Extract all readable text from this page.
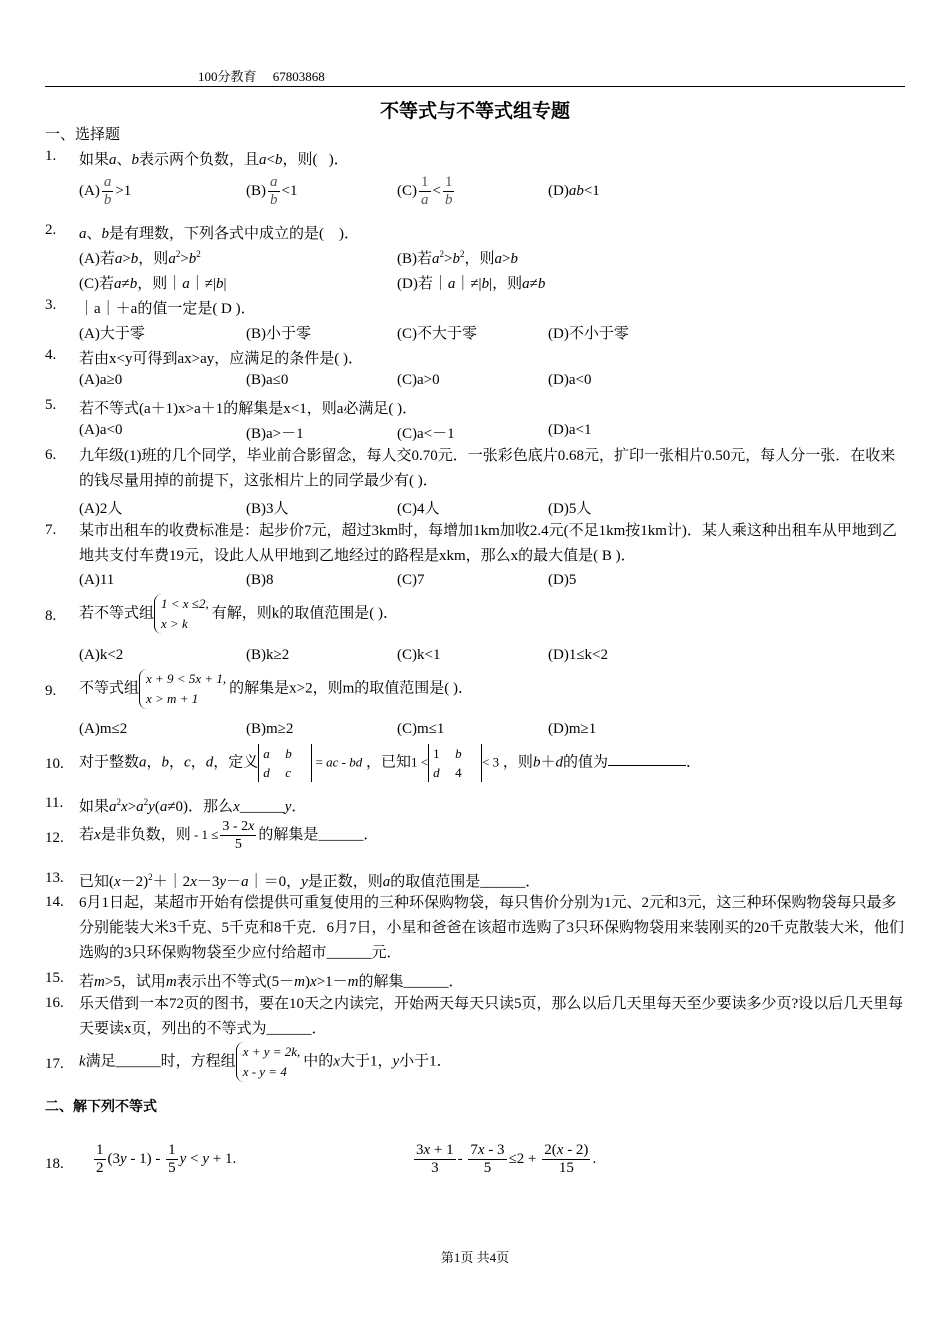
100分教育 67803868
不等式与不等式组专题
一、选择题
1. 如果a、b表示两个负数，且a<b，则(   )．
$(A) \frac{a}{b} >1$	$(B) \frac{a}{b} <1$	$(C) \frac{1}{a} < \frac{1}{b}$	(D)ab<1
2. a、b是有理数，下列各式中成立的是(    )．
(A)若a>b，则$a^2>b^2$	(B)若$a^2>b^2$，则a>b
(C)若a≠b，则｜a｜≠|b|	(D)若｜a｜≠|b|，则a≠b
3. ｜a｜＋a的值一定是( D )．
(A)大于零	(B)小于零	(C)不大于零	(D)不小于零
4. 若由x<y可得到ax>ay，应满足的条件是( )．
(A)a≥0	(B)a≤0	(C)a>0	(D)a<0
5. 若不等式(a＋1)x>a＋1的解集是x<1，则a必满足( )．
(A)a<0	(B)a>－1	(C)a<－1	(D)a<1
6. 九年级(1)班的几个同学，毕业前合影留念，每人交0.70元．一张彩色底片0.68元，扩印一张相片0.50元，每人分一张．在收来的钱尽量用掉的前提下，这张相片上的同学最少有( )．
(A)2人	(B)3人	(C)4人	(D)5人
7. 某市出租车的收费标准是：起步价7元，超过3km时，每增加1km加收2.4元(不足1km按1km计)．某人乘这种出租车从甲地到乙地共支付车费19元，设此人从甲地到乙地经过的路程是xkm，那么x的最大值是( B )．
(A)11	(B)8	(C)7	(D)5
8. 若不等式组1 < x ≤2,
x > k有解，则k的取值范围是( )．
(A)k<2	(B)k≥2	(C)k<1	(D)1≤k<2
9. 不等式组x + 9 < 5x + 1,
x > m + 1的解集是x>2，则m的取值范围是( )．
(A)m≤2	(B)m≥2	(C)m≤1	(D)m≥1
10. 对于整数a，b，c，d，定义a b
d c = ac - bd ，已知1 <1 b
d 4< 3 ，则b＋d的值为	．
11. 如果$a^2x>a^2y(a\ne 0)$．那么x______y．
12. 若x是非负数，则 - $1 \le \frac{3 - 2x}{5}$ 的解集是______．
13. 已知$(x-2)^2+|2x-3y-a|=0$，y是正数，则a的取值范围是______．
14. 6月1日起，某超市开始有偿提供可重复使用的三种环保购物袋，每只售价分别为1元、2元和3元，这三种环保购物袋每只最多分别能装大米3千克、5千克和8千克．6月7日，小星和爸爸在该超市选购了3只环保购物袋用来装刚买的20千克散装大米，他们选购的3只环保购物袋至少应付给超市______元．
15. 若m>5，试用m表示出不等式(5－m)x>1－m的解集______．
16. 乐天借到一本72页的图书，要在10天之内读完，开始两天每天只读5页，那么以后几天里每天至少要读多少页?设以后几天里每天要读x页，列出的不等式为______．
17. k满足______时，方程组x + y = 2k,
x - y = 4中的x大于1，y小于1．
二、解下列不等式
18. $\frac{1}{2} (3y - 1) - \frac{1}{5}$ y < y + 1.	$\frac{3x + 1}{3} - \frac{7x - 3}{5} \le 2 + \frac{2(x - 2)}{15}$ .
第1页 共4页
